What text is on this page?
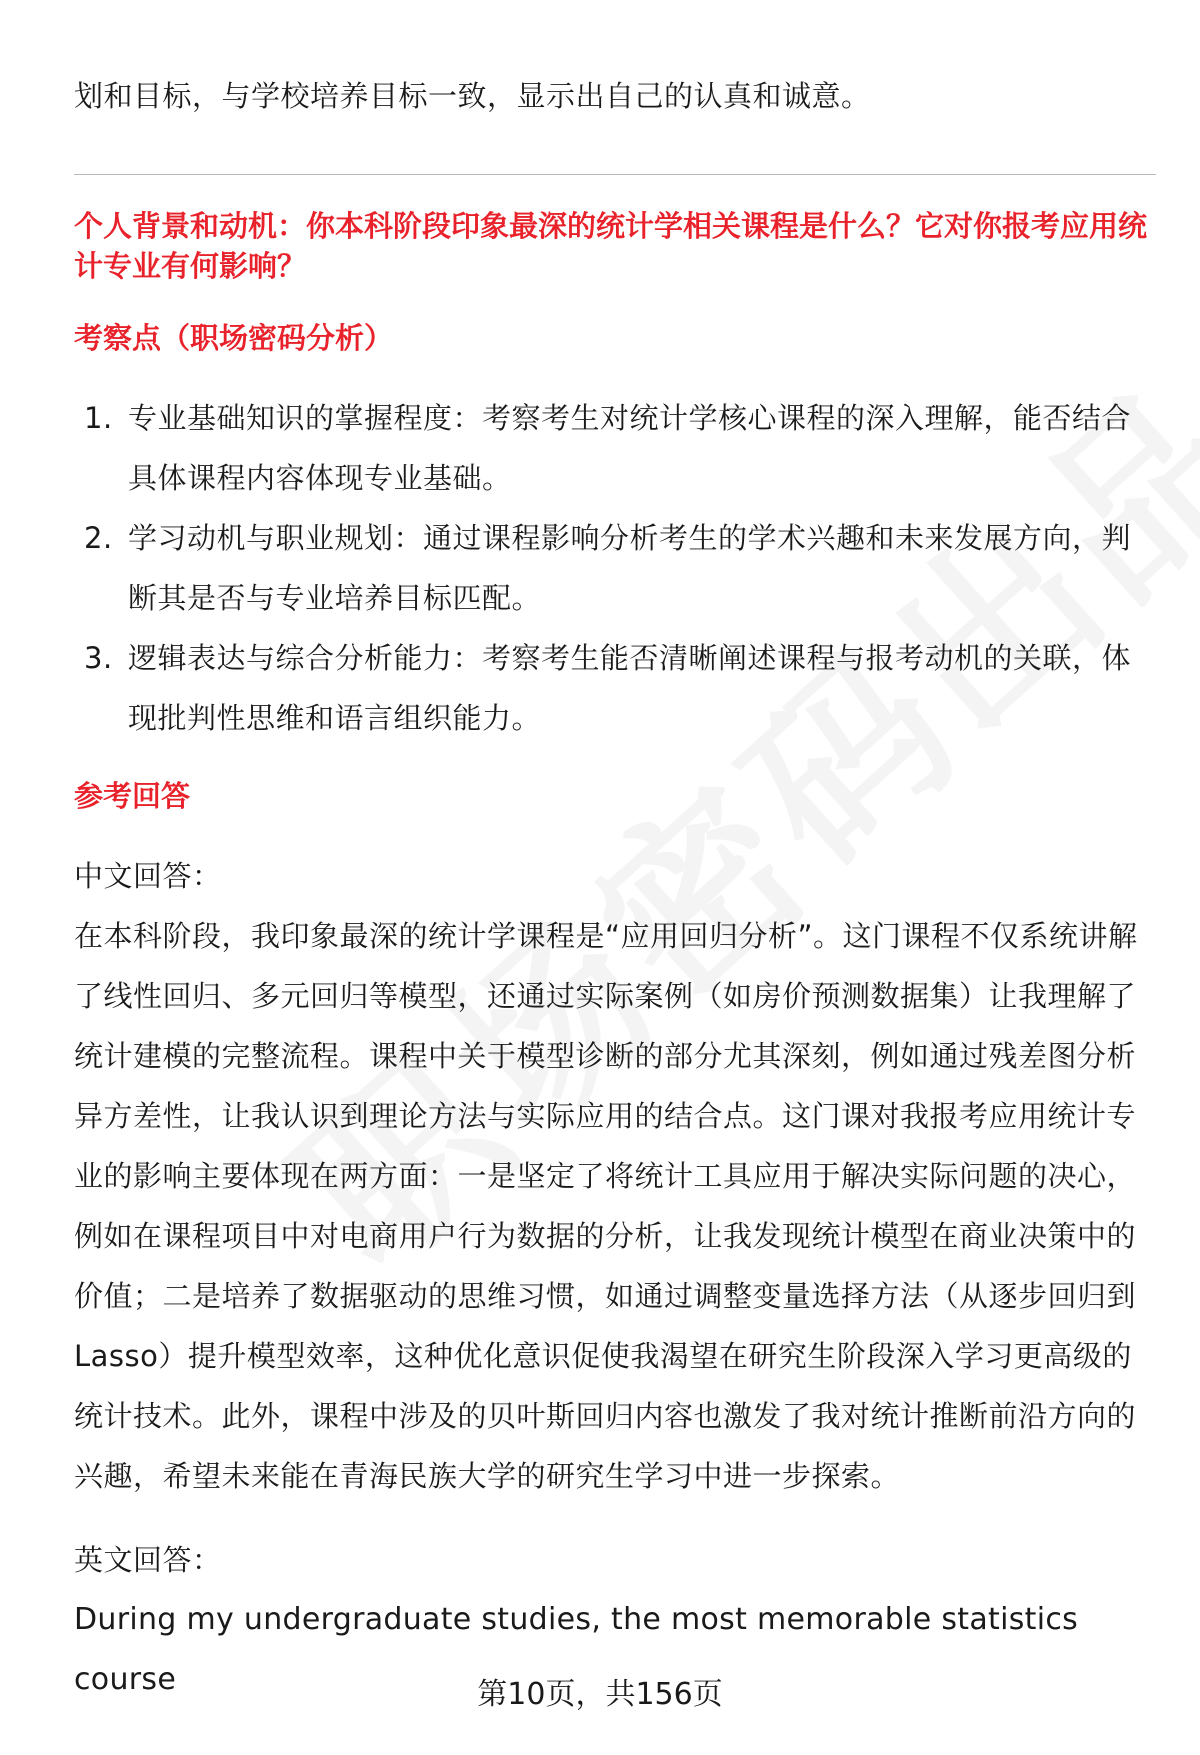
划和目标，与学校培养目标一致，显示出自己的认真和诚意。
个人背景和动机：你本科阶段印象最深的统计学相关课程是什么？它对你报考应用统计专业有何影响？
考察点（职场密码分析）
1. 专业基础知识的掌握程度：考察考生对统计学核心课程的深入理解，能否结合具体课程内容体现专业基础。
2. 学习动机与职业规划：通过课程影响分析考生的学术兴趣和未来发展方向，判断其是否与专业培养目标匹配。
3. 逻辑表达与综合分析能力：考察考生能否清晰阐述课程与报考动机的关联，体现批判性思维和语言组织能力。
参考回答
中文回答：
在本科阶段，我印象最深的统计学课程是“应用回归分析”。这门课程不仅系统讲解了线性回归、多元回归等模型，还通过实际案例（如房价预测数据集）让我理解了统计建模的完整流程。课程中关于模型诊断的部分尤其深刻，例如通过残差图分析异方差性，让我认识到理论方法与实际应用的结合点。这门课对我报考应用统计专业的影响主要体现在两方面：一是坚定了将统计工具应用于解决实际问题的决心，例如在课程项目中对电商用户行为数据的分析，让我发现统计模型在商业决策中的价值；二是培养了数据驱动的思维习惯，如通过调整变量选择方法（从逐步回归到Lasso）提升模型效率，这种优化意识促使我渴望在研究生阶段深入学习更高级的统计技术。此外，课程中涉及的贝叶斯回归内容也激发了我对统计推断前沿方向的兴趣，希望未来能在青海民族大学的研究生学习中进一步探索。
英文回答：
During my undergraduate studies, the most memorable statistics course	第10页，共156页
